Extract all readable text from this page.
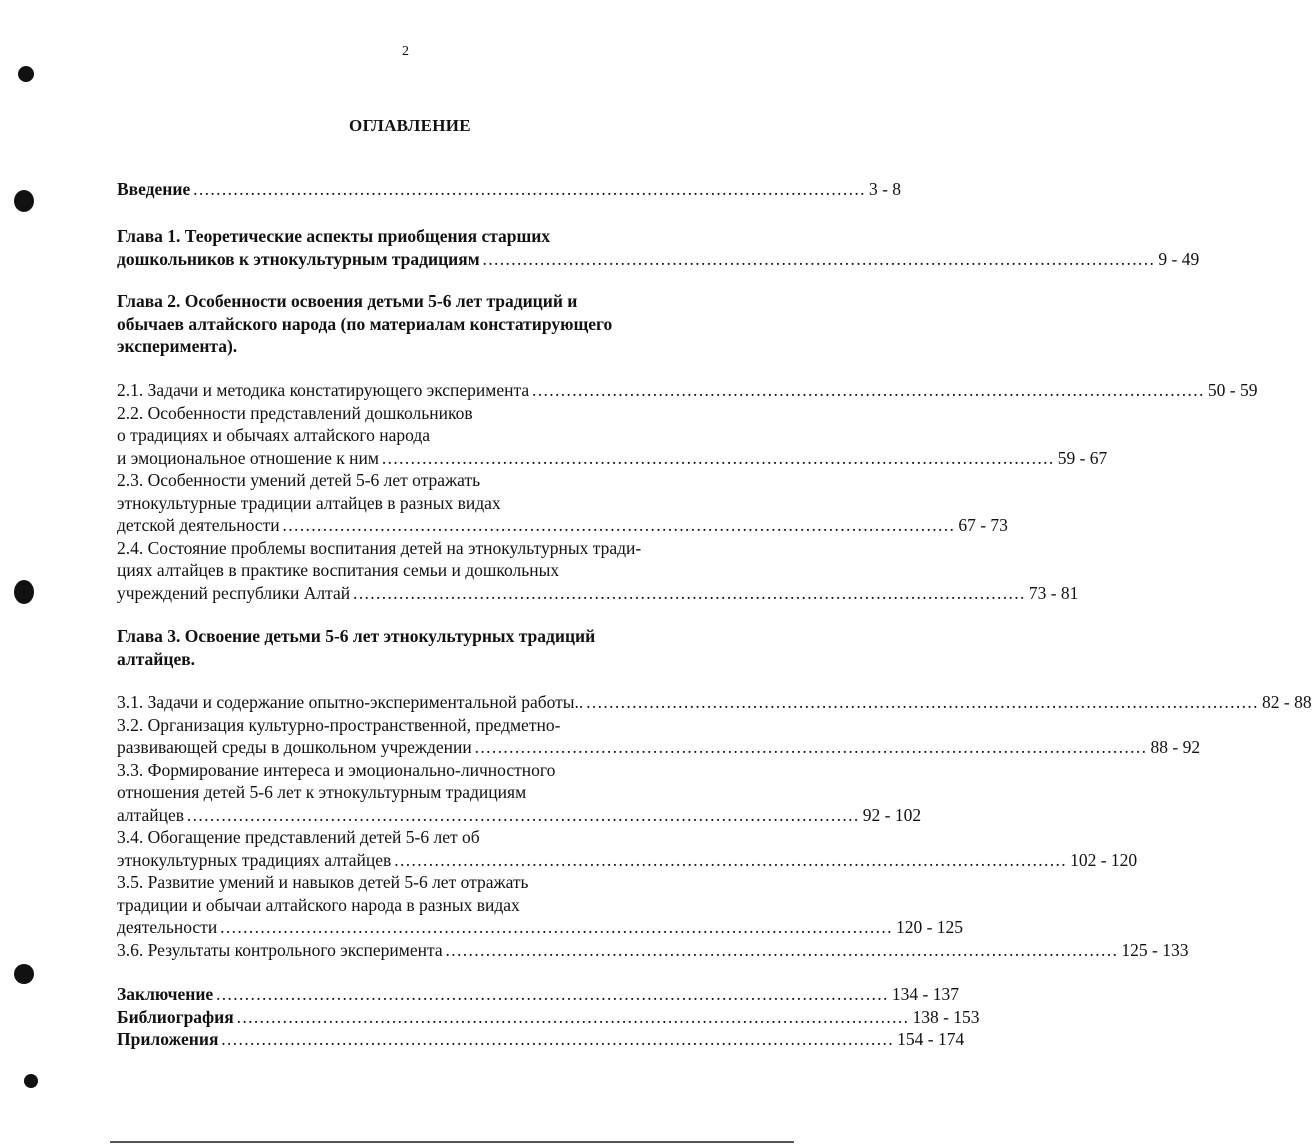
2
ОГЛАВЛЕНИЕ
Введение . . .	3 - 8
Глава 1. Теоретические аспекты приобщения старших
дошкольников к этнокультурным традициям . . .	9 - 49
Глава 2. Особенности освоения детьми 5-6 лет традиций и
обычаев алтайского народа (по материалам констатирующего
эксперимента).
2.1. Задачи и методика констатирующего эксперимента . . .	50 - 59
2.2. Особенности представлений дошкольников
о традициях и обычаях алтайского народа
и эмоциональное отношение к ним . . .	59 - 67
2.3. Особенности умений детей 5-6 лет отражать
этнокультурные традиции алтайцев в разных видах
детской деятельности . . .	67 - 73
2.4. Состояние проблемы воспитания детей на этнокультурных тради-
циях алтайцев в практике воспитания семьи и дошкольных
учреждений республики Алтай . . .	73 - 81
Глава 3. Освоение детьми 5-6 лет этнокультурных традиций
алтайцев.
3.1. Задачи и содержание опытно-экспериментальной работы.. . . .	82 - 88
3.2. Организация культурно-пространственной, предметно-
развивающей среды в дошкольном учреждении . . .	88 - 92
3.3. Формирование интереса и эмоционально-личностного
отношения детей 5-6 лет к этнокультурным традициям
алтайцев . . .	92 - 102
3.4. Обогащение представлений детей 5-6 лет об
этнокультурных традициях алтайцев . . .	102 - 120
3.5. Развитие умений и навыков детей 5-6 лет отражать
традиции и обычаи алтайского народа в разных видах
деятельности . . .	120 - 125
3.6. Результаты контрольного эксперимента . . .	125 - 133
Заключение . . .	134 - 137
Библиография . . .	138 - 153
Приложения . . .	154 - 174
